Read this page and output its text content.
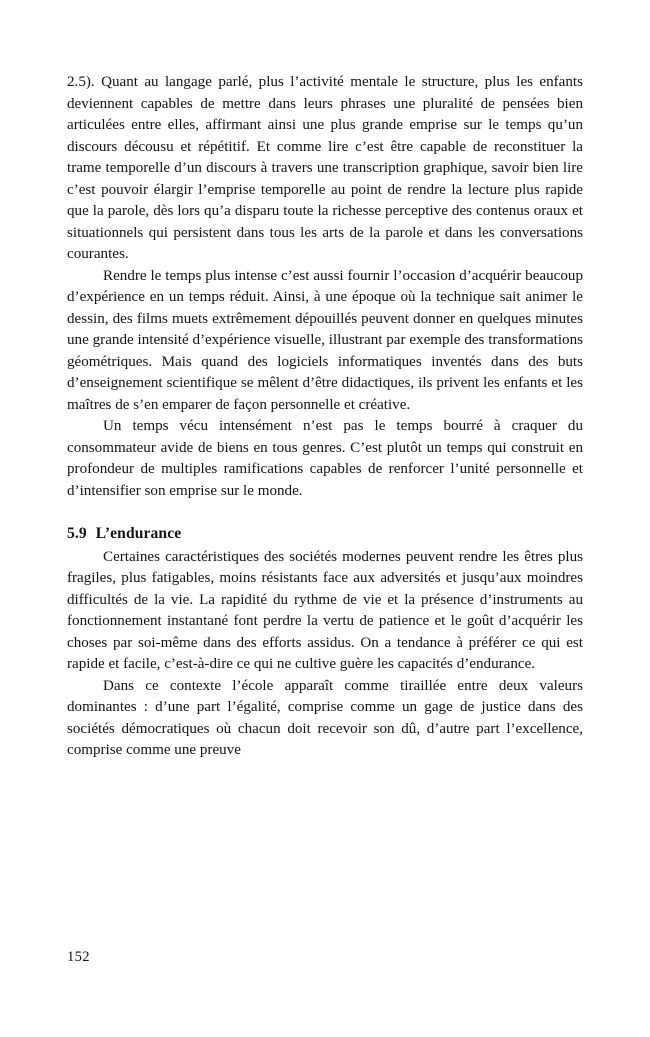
2.5). Quant au langage parlé, plus l’activité mentale le structure, plus les enfants deviennent capables de mettre dans leurs phrases une pluralité de pensées bien articulées entre elles, affirmant ainsi une plus grande emprise sur le temps qu’un discours décousu et répétitif. Et comme lire c’est être capable de reconstituer la trame temporelle d’un discours à travers une transcription graphique, savoir bien lire c’est pouvoir élargir l’emprise temporelle au point de rendre la lecture plus rapide que la parole, dès lors qu’a disparu toute la richesse perceptive des contenus oraux et situationnels qui persistent dans tous les arts de la parole et dans les conversations courantes.

Rendre le temps plus intense c’est aussi fournir l’occasion d’acquérir beaucoup d’expérience en un temps réduit. Ainsi, à une époque où la technique sait animer le dessin, des films muets extrêmement dépouillés peuvent donner en quelques minutes une grande intensité d’expérience visuelle, illustrant par exemple des transformations géométriques. Mais quand des logiciels informatiques inventés dans des buts d’enseignement scientifique se mêlent d’être didactiques, ils privent les enfants et les maîtres de s’en emparer de façon personnelle et créative.

Un temps vécu intensément n’est pas le temps bourré à craquer du consommateur avide de biens en tous genres. C’est plutôt un temps qui construit en profondeur de multiples ramifications capables de renforcer l’unité personnelle et d’intensifier son emprise sur le monde.

5.9 L’endurance

Certaines caractéristiques des sociétés modernes peuvent rendre les êtres plus fragiles, plus fatigables, moins résistants face aux adversités et jusqu’aux moindres difficultés de la vie. La rapidité du rythme de vie et la présence d’instruments au fonctionnement instantané font perdre la vertu de patience et le goût d’acquérir les choses par soi-même dans des efforts assidus. On a tendance à préférer ce qui est rapide et facile, c’est-à-dire ce qui ne cultive guère les capacités d’endurance.

Dans ce contexte l’école apparaît comme tiraillée entre deux valeurs dominantes : d’une part l’égalité, comprise comme un gage de justice dans des sociétés démocratiques où chacun doit recevoir son dû, d’autre part l’excellence, comprise comme une preuve

152
